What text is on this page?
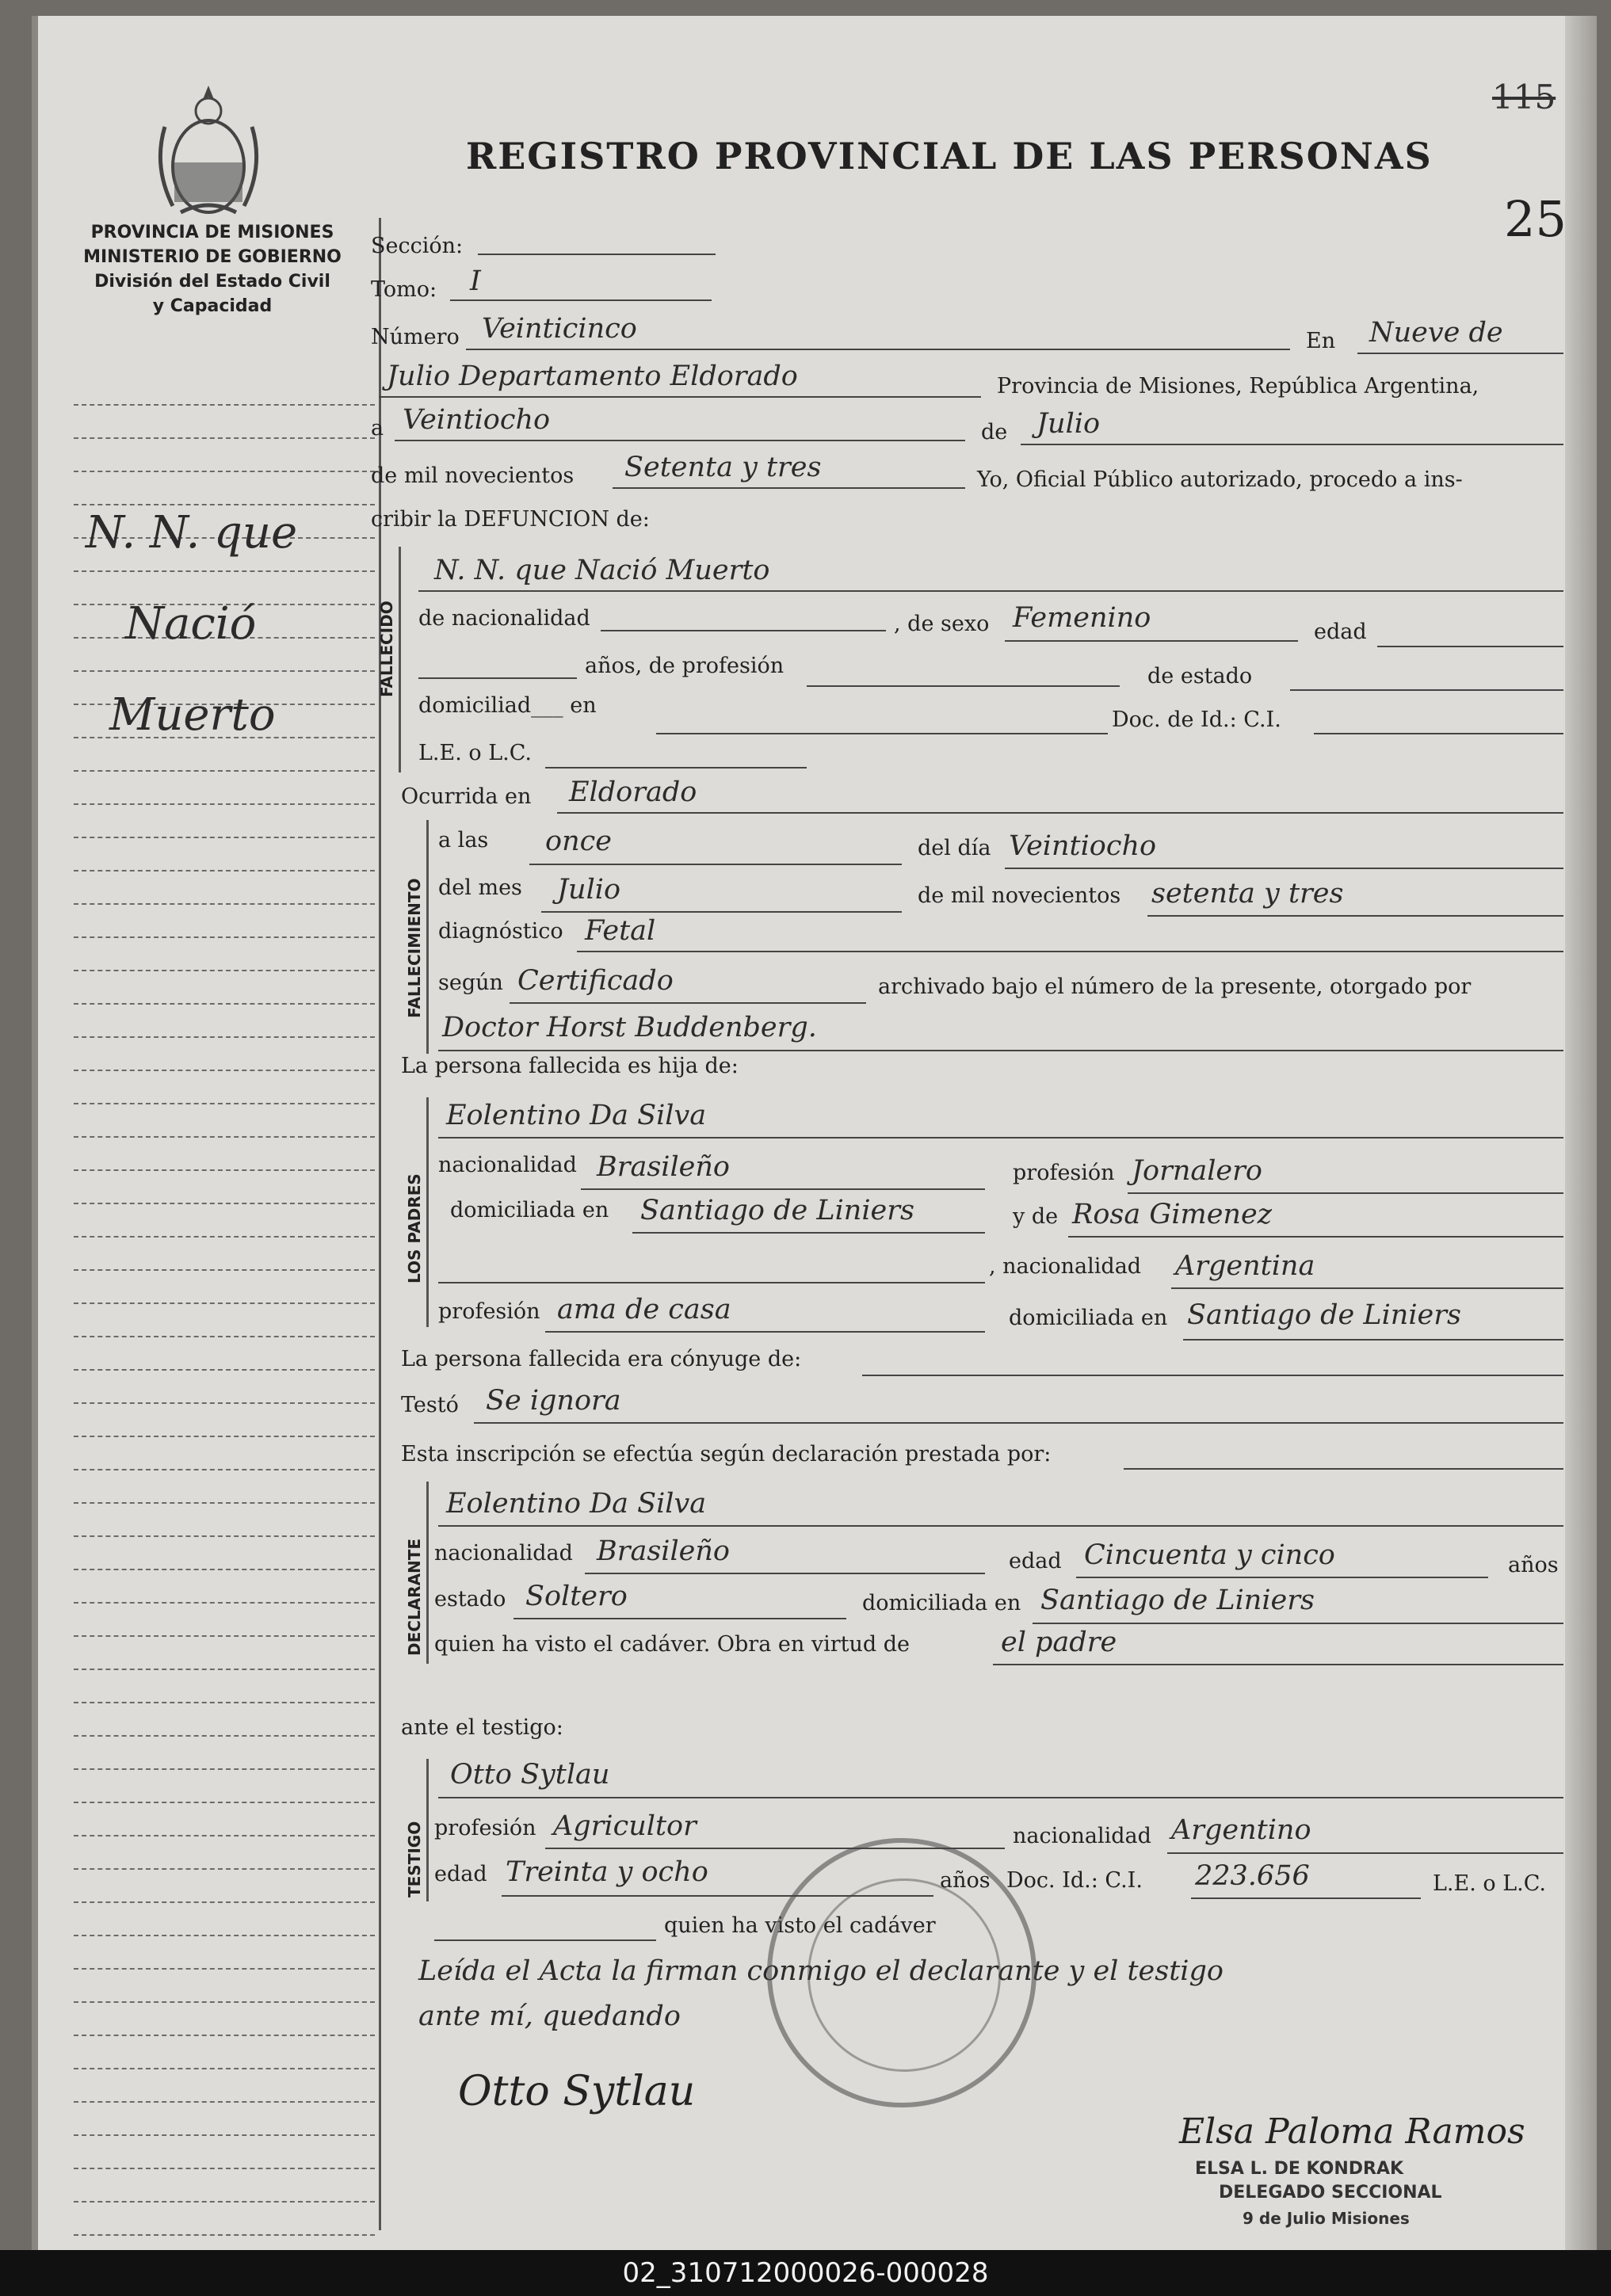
PROVINCIA DE MISIONES
MINISTERIO DE GOBIERNO
División del Estado Civil
y Capacidad
REGISTRO PROVINCIAL DE LAS PERSONAS
115
25
N. N. que
Nació
Muerto
Sección:
Tomo: I
Número Veinticinco	En Nueve de
Julio Departamento Eldorado	Provincia de Misiones, República Argentina,
a Veintiocho	de Julio
de mil novecientos Setenta y tres	Yo, Oficial Público autorizado, procedo a ins-
cribir la DEFUNCION de:
FALLECIDO
N. N. que Nació Muerto
de nacionalidad	, de sexo Femenino	edad
años, de profesión	de estado
domiciliad___ en
Doc. de Id.: C.I.
L.E. o L.C.
Ocurrida en Eldorado
FALLECIMIENTO
a las once	del día Veintiocho
del mes Julio	de mil novecientos setenta y tres
diagnóstico Fetal
según Certificado	archivado bajo el número de la presente, otorgado por
Doctor Horst Buddenberg.
La persona fallecida es hija de:
LOS PADRES
Eolentino Da Silva
nacionalidad Brasileño	profesión Jornalero
domiciliada en Santiago de Liniers	y de Rosa Gimenez
, nacionalidad Argentina
profesión ama de casa	domiciliada en Santiago de Liniers
La persona fallecida era cónyuge de:
Testó Se ignora
Esta inscripción se efectúa según declaración prestada por:
DECLARANTE
Eolentino Da Silva
nacionalidad Brasileño	edad Cincuenta y cinco	años
estado Soltero	domiciliada en Santiago de Liniers
quien ha visto el cadáver. Obra en virtud de	el padre
ante el testigo:
TESTIGO
Otto Sytlau
profesión Agricultor	nacionalidad Argentino
edad Treinta y ocho	años Doc. Id.: C.I. 223.656	L.E. o L.C.
quien ha visto el cadáver
Leída el Acta la firman conmigo el declarante y el testigo
ante mí, quedando
Otto Sytlau
Elsa Paloma Ramos
ELSA L. DE KONDRAK
DELEGADO SECCIONAL
9 de Julio Misiones
02_310712000026-000028
